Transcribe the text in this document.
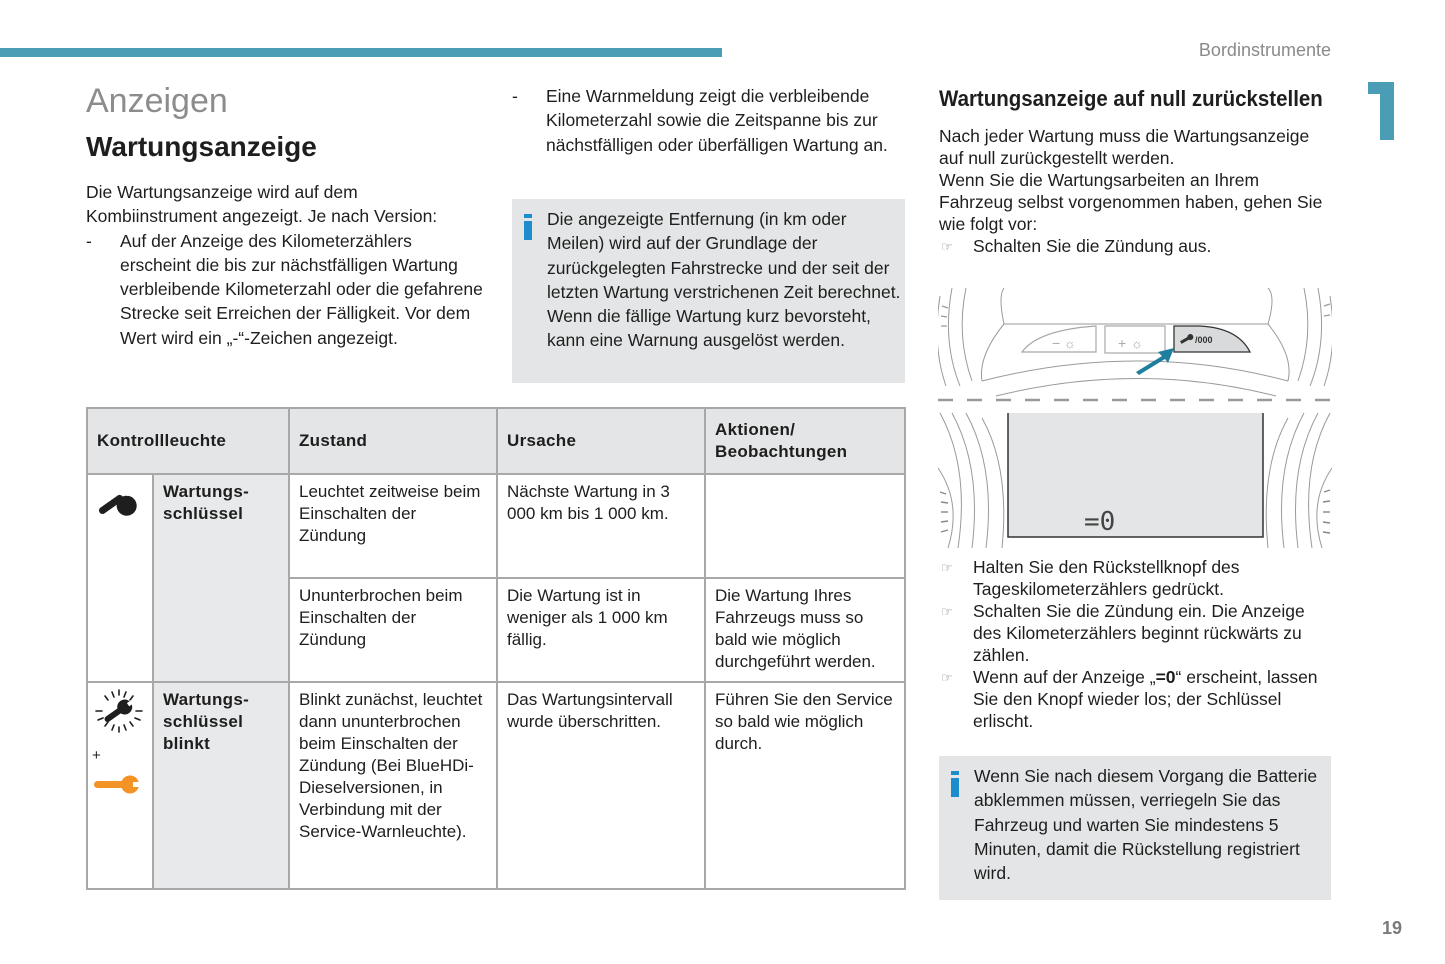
Bordinstrumente
19
Anzeigen
Wartungsanzeige
Die Wartungsanzeige wird auf dem Kombiinstrument angezeigt. Je nach Version:
- Auf der Anzeige des Kilometerzählers erscheint die bis zur nächstfälligen Wartung verbleibende Kilometerzahl oder die gefahrene Strecke seit Erreichen der Fälligkeit. Vor dem Wert wird ein „-“-Zeichen angezeigt.
- Eine Warnmeldung zeigt die verbleibende Kilometerzahl sowie die Zeitspanne bis zur nächstfälligen oder überfälligen Wartung an.
Die angezeigte Entfernung (in km oder Meilen) wird auf der Grundlage der zurückgelegten Fahrstrecke und der seit der letzten Wartung verstrichenen Zeit berechnet.
Wenn die fällige Wartung kurz bevorsteht, kann eine Warnung ausgelöst werden.
Kontrollleuchte		Zustand	Ursache	Aktionen/ Beobachtungen
	Wartungs-schlüssel	Leuchtet zeitweise beim Einschalten der Zündung	Nächste Wartung in 3 000 km bis 1 000 km.	
		Ununterbrochen beim Einschalten der Zündung	Die Wartung ist in weniger als 1 000 km fällig.	Die Wartung Ihres Fahrzeugs muss so bald wie möglich durchgeführt werden.

+	Wartungs-schlüssel blinkt	Blinkt zunächst, leuchtet dann ununterbrochen beim Einschalten der Zündung (Bei BlueHDi-Dieselversionen, in Verbindung mit der Service-Warnleuchte).	Das Wartungsintervall wurde überschritten.	Führen Sie den Service so bald wie möglich durch.
Wartungsanzeige auf null zurückstellen
Nach jeder Wartung muss die Wartungsanzeige auf null zurückgestellt werden.
Wenn Sie die Wartungsarbeiten an Ihrem Fahrzeug selbst vorgenommen haben, gehen Sie wie folgt vor:
☞ Schalten Sie die Zündung aus.
− ☼	+ ☼	/000
=0
☞ Halten Sie den Rückstellknopf des Tageskilometerzählers gedrückt.
☞ Schalten Sie die Zündung ein. Die Anzeige des Kilometerzählers beginnt rückwärts zu zählen.
☞ Wenn auf der Anzeige „=0“ erscheint, lassen Sie den Knopf wieder los; der Schlüssel erlischt.
Wenn Sie nach diesem Vorgang die Batterie abklemmen müssen, verriegeln Sie das Fahrzeug und warten Sie mindestens 5 Minuten, damit die Rückstellung registriert wird.
